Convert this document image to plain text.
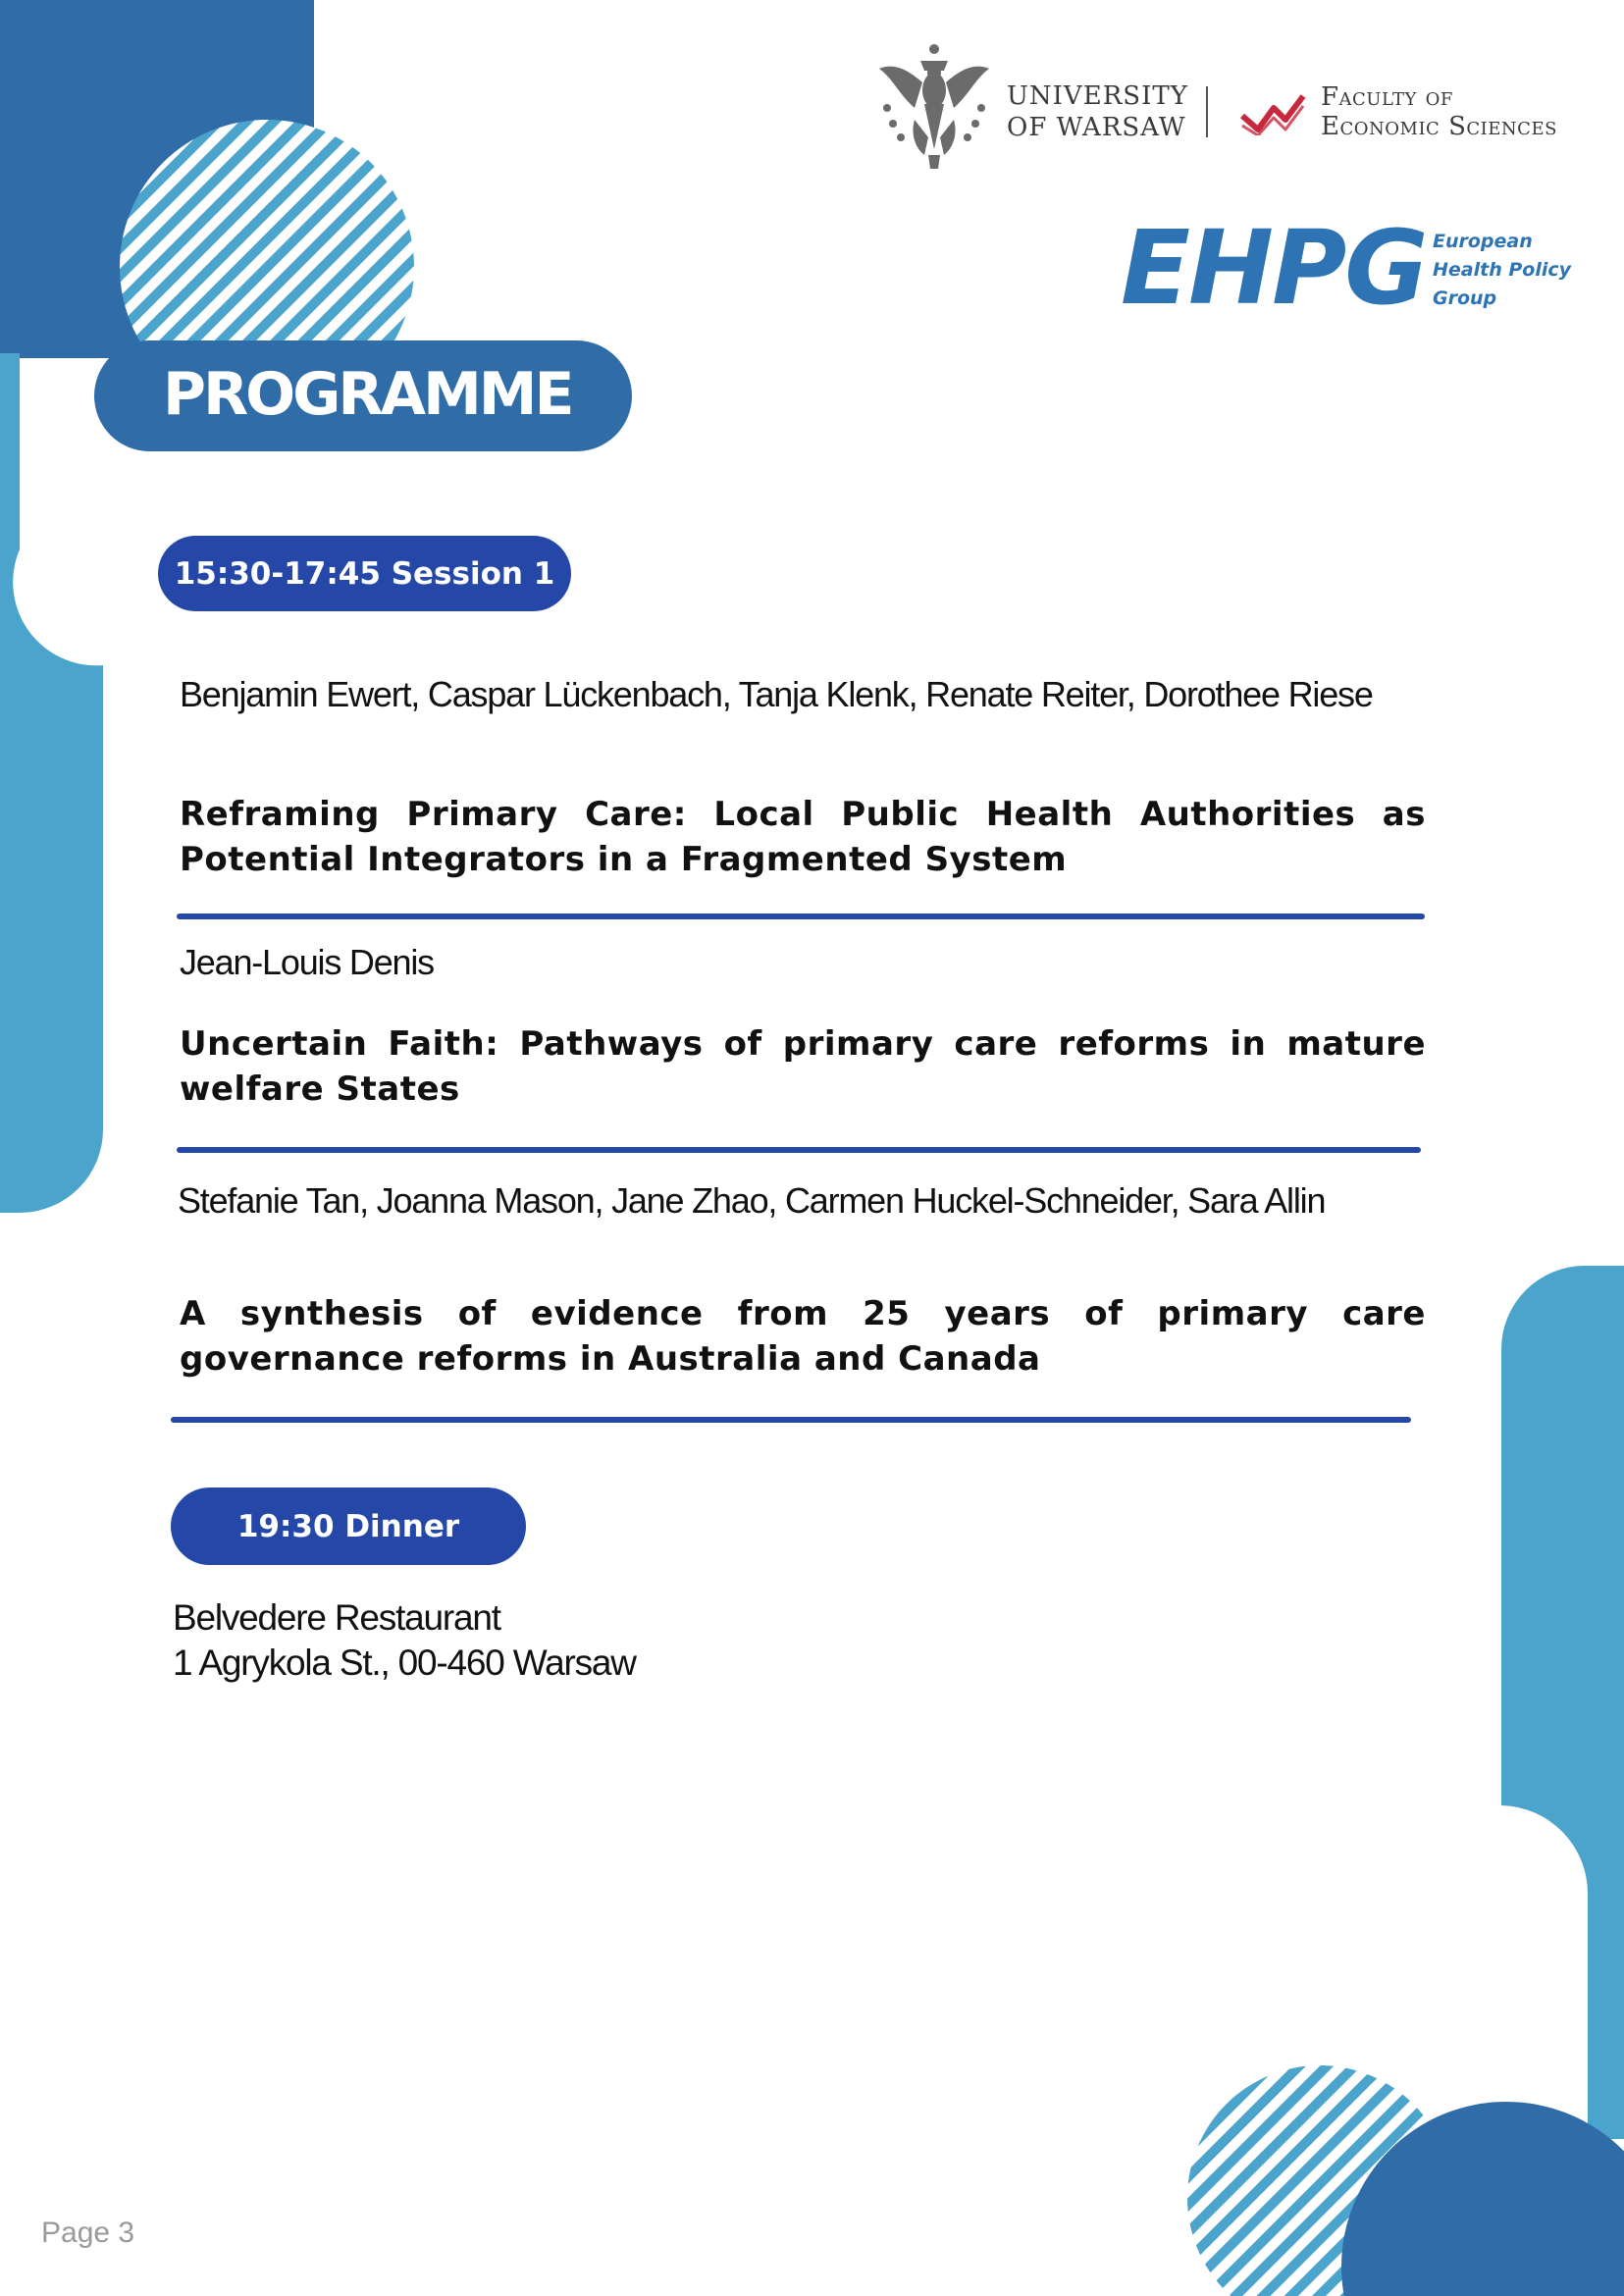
UNIVERSITY
OF WARSAW
Faculty of
Economic Sciences
EHPG European
Health Policy
Group
PROGRAMME
15:30-17:45 Session 1
Benjamin Ewert, Caspar Lückenbach, Tanja Klenk, Renate Reiter, Dorothee Riese
Reframing Primary Care: Local Public Health Authorities as Potential Integrators in a Fragmented System
Jean-Louis Denis
Uncertain Faith: Pathways of primary care reforms in mature welfare States
Stefanie Tan, Joanna Mason, Jane Zhao, Carmen Huckel-Schneider, Sara Allin
A synthesis of evidence from 25 years of primary care governance reforms in Australia and Canada
19:30 Dinner
Belvedere Restaurant
1 Agrykola St., 00-460 Warsaw
Page 3
